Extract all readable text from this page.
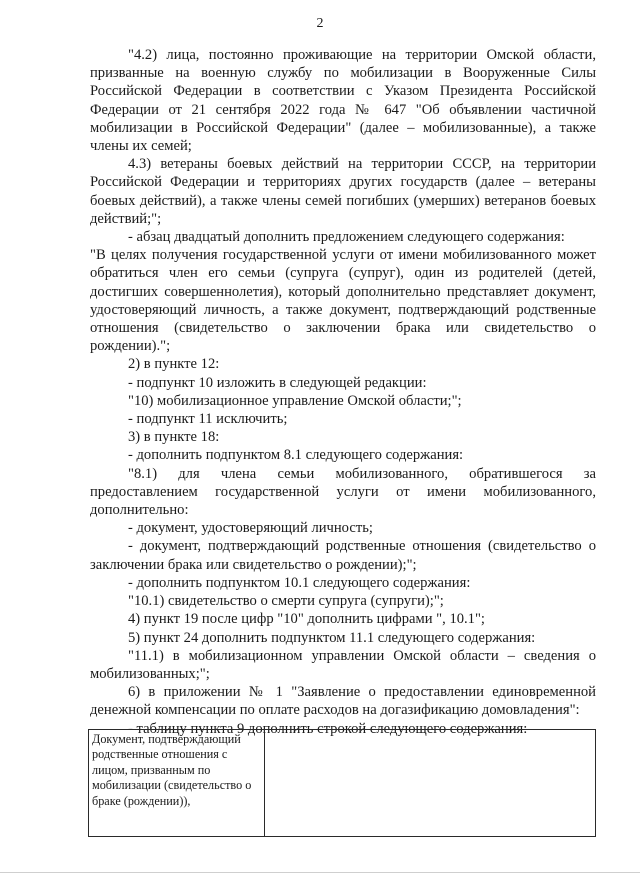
2

"4.2) лица, постоянно проживающие на территории Омской области, призванные на военную службу по мобилизации в Вооруженные Силы Российской Федерации в соответствии с Указом Президента Российской Федерации от 21 сентября 2022 года № 647 "Об объявлении частичной мобилизации в Российской Федерации" (далее – мобилизованные), а также члены их семей;

4.3) ветераны боевых действий на территории СССР, на территории Российской Федерации и территориях других государств (далее – ветераны боевых действий), а также члены семей погибших (умерших) ветеранов боевых действий;";

- абзац двадцатый дополнить предложением следующего содержания:

"В целях получения государственной услуги от имени мобилизованного может обратиться член его семьи (супруга (супруг), один из родителей (детей, достигших совершеннолетия), который дополнительно представляет документ, удостоверяющий личность, а также документ, подтверждающий родственные отношения (свидетельство о заключении брака или свидетельство о рождении).";

2) в пункте 12:

- подпункт 10 изложить в следующей редакции:

"10) мобилизационное управление Омской области;";

- подпункт 11 исключить;

3) в пункте 18:

- дополнить подпунктом 8.1 следующего содержания:

"8.1) для члена семьи мобилизованного, обратившегося за предоставлением государственной услуги от имени мобилизованного, дополнительно:

- документ, удостоверяющий личность;

- документ, подтверждающий родственные отношения (свидетельство о заключении брака или свидетельство о рождении);";

- дополнить подпунктом 10.1 следующего содержания:

"10.1) свидетельство о смерти супруга (супруги);";

4) пункт 19 после цифр "10" дополнить цифрами ", 10.1";

5) пункт 24 дополнить подпунктом 11.1 следующего содержания:

"11.1) в мобилизационном управлении Омской области – сведения о мобилизованных;";

6) в приложении № 1 "Заявление о предоставлении единовременной денежной компенсации по оплате расходов на догазификацию домовладения":

- таблицу пункта 9 дополнить строкой следующего содержания:

Документ, подтверждающий родственные отношения с лицом, призванным по мобилизации (свидетельство о браке (рождении)),
